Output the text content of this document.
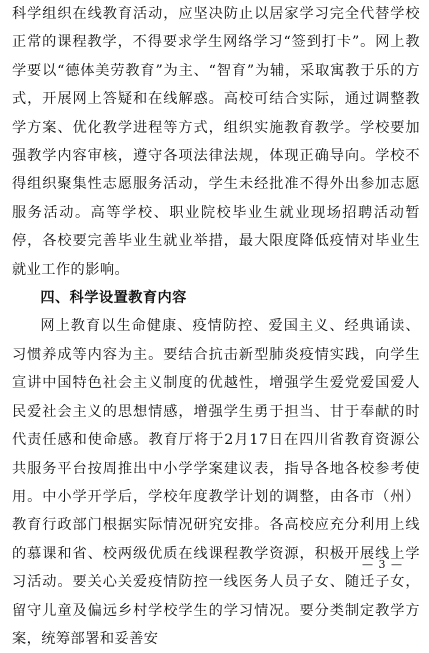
科学组织在线教育活动，应坚决防止以居家学习完全代替学校正常的课程教学，不得要求学生网络学习“签到打卡”。网上教学要以“德体美劳教育”为主、“智育”为辅，采取寓教于乐的方式，开展网上答疑和在线解惑。高校可结合实际，通过调整教学方案、优化教学进程等方式，组织实施教育教学。学校要加强教学内容审核，遵守各项法律法规，体现正确导向。学校不得组织聚集性志愿服务活动，学生未经批准不得外出参加志愿服务活动。高等学校、职业院校毕业生就业现场招聘活动暂停，各校要完善毕业生就业举措，最大限度降低疫情对毕业生就业工作的影响。

四、科学设置教育内容

网上教育以生命健康、疫情防控、爱国主义、经典诵读、习惯养成等内容为主。要结合抗击新型肺炎疫情实践，向学生宣讲中国特色社会主义制度的优越性，增强学生爱党爱国爱人民爱社会主义的思想情感，增强学生勇于担当、甘于奉献的时代责任感和使命感。教育厅将于2月17日在四川省教育资源公共服务平台按周推出中小学学案建议表，指导各地各校参考使用。中小学开学后，学校年度教学计划的调整，由各市（州）教育行政部门根据实际情况研究安排。各高校应充分利用上线的慕课和省、校两级优质在线课程教学资源，积极开展线上学习活动。要关心关爱疫情防控一线医务人员子女、随迁子女，留守儿童及偏远乡村学校学生的学习情况。要分类制定教学方案，统筹部署和妥善安

— 3 —
